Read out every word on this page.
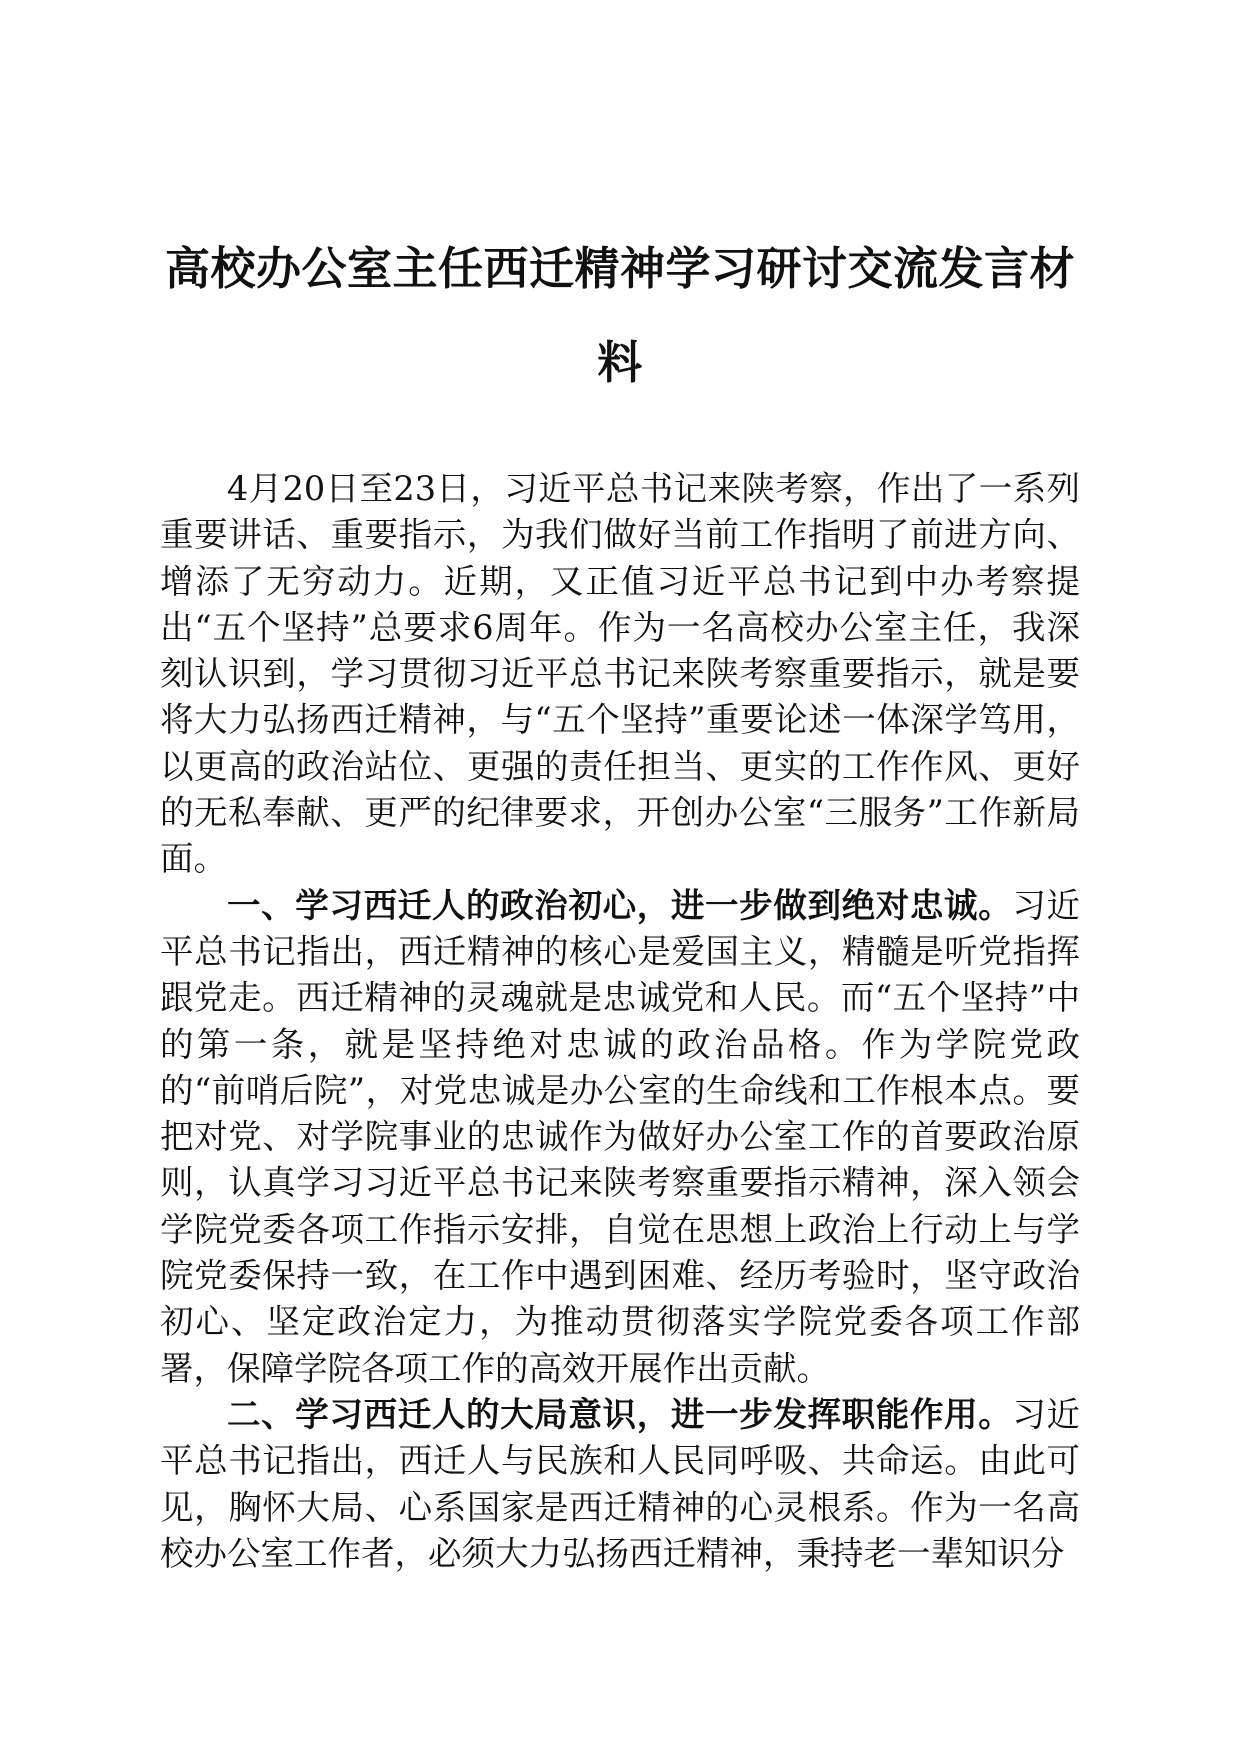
高校办公室主任西迁精神学习研讨交流发言材料

4月20日至23日，习近平总书记来陕考察，作出了一系列重要讲话、重要指示，为我们做好当前工作指明了前进方向、增添了无穷动力。近期，又正值习近平总书记到中办考察提出“五个坚持”总要求6周年。作为一名高校办公室主任，我深刻认识到，学习贯彻习近平总书记来陕考察重要指示，就是要将大力弘扬西迁精神，与“五个坚持”重要论述一体深学笃用，以更高的政治站位、更强的责任担当、更实的工作作风、更好的无私奉献、更严的纪律要求，开创办公室“三服务”工作新局面。

一、学习西迁人的政治初心，进一步做到绝对忠诚。习近平总书记指出，西迁精神的核心是爱国主义，精髓是听党指挥跟党走。西迁精神的灵魂就是忠诚党和人民。而“五个坚持”中的第一条，就是坚持绝对忠诚的政治品格。作为学院党政的“前哨后院”，对党忠诚是办公室的生命线和工作根本点。要把对党、对学院事业的忠诚作为做好办公室工作的首要政治原则，认真学习习近平总书记来陕考察重要指示精神，深入领会学院党委各项工作指示安排，自觉在思想上政治上行动上与学院党委保持一致，在工作中遇到困难、经历考验时，坚守政治初心、坚定政治定力，为推动贯彻落实学院党委各项工作部署，保障学院各项工作的高效开展作出贡献。

二、学习西迁人的大局意识，进一步发挥职能作用。习近平总书记指出，西迁人与民族和人民同呼吸、共命运。由此可见，胸怀大局、心系国家是西迁精神的心灵根系。作为一名高校办公室工作者，必须大力弘扬西迁精神，秉持老一辈知识分
